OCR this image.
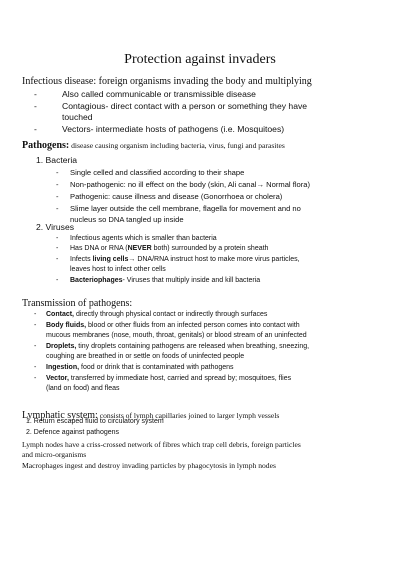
Protection against invaders
Infectious disease: foreign organisms invading the body and multiplying
-	Also called communicable or transmissible disease
-	Contagious- direct contact with a person or something they have
touched
-	Vectors- intermediate hosts of pathogens (i.e. Mosquitoes)
Pathogens: disease causing organism including bacteria, virus, fungi and parasites
1. Bacteria
- Single celled and classified according to their shape
- Non-pathogenic: no ill effect on the body (skin, Ali canal→ Normal flora)
- Pathogenic: cause illness and disease (Gonorrhoea or cholera)
- Slime layer outside the cell membrane, flagella for movement and no
nucleus so DNA tangled up inside
2. Viruses
- Infectious agents which is smaller than bacteria
- Has DNA or RNA (NEVER both) surrounded by a protein sheath
- Infects living cells→ DNA/RNA instruct host to make more virus particles,
leaves host to infect other cells
- Bacteriophages- Viruses that multiply inside and kill bacteria
Transmission of pathogens:
- Contact, directly through physical contact or indirectly through surfaces
- Body fluids, blood or other fluids from an infected person comes into contact with
mucous membranes (nose, mouth, throat, genitals) or blood stream of an uninfected
- Droplets, tiny droplets containing pathogens are released when breathing, sneezing,
coughing are breathed in or settle on foods of uninfected people
- Ingestion, food or drink that is contaminated with pathogens
- Vector, transferred by immediate host, carried and spread by; mosquitoes, flies
(land on food) and fleas
Lymphatic system: consists of lymph capillaries joined to larger lymph vessels
1. Return escaped fluid to circulatory system
2. Defence against pathogens
Lymph nodes have a criss-crossed network of fibres which trap cell debris, foreign particles
and micro-organisms
Macrophages ingest and destroy invading particles by phagocytosis in lymph nodes
